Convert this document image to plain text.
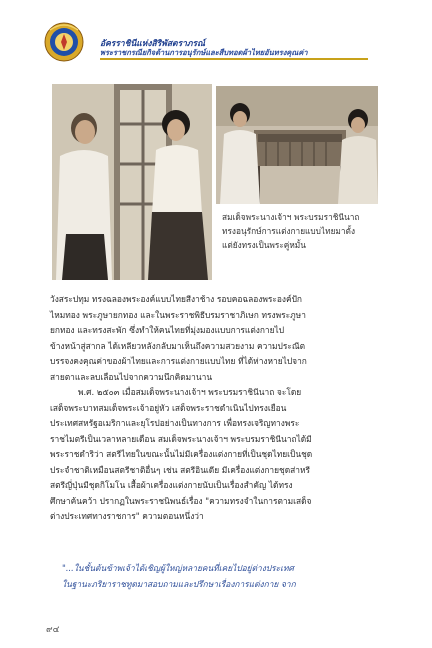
อัครราชินีแห่งสิริพัสตราภรณ์
พระราชกรณียกิจด้านการอนุรักษ์และสืบทอดผ้าไทยอันทรงคุณค่า
สมเด็จพระนางเจ้าฯ พระบรมราชินีนาถ
ทรงอนุรักษ์การแต่งกายแบบไทยมาตั้ง
แต่ยังทรงเป็นพระคู่หมั้น
วังสระปทุม ทรงฉลองพระองค์แบบไทยสีงาช้าง รอบคอฉลองพระองค์ปัก
ไหมทอง พระภูษายกทอง และในพระราชพิธีบรมราชาภิเษก ทรงพระภูษา
ยกทอง และทรงสะพัก ซึ่งทำให้คนไทยที่มุ่งมองแบบการแต่งกายไป
ข้างหน้าสู่สากล ได้เหลียวหลังกลับมาเห็นถึงความสวยงาม ความประณีต
บรรจงคงคุณค่าของผ้าไทยและการแต่งกายแบบไทย ที่ได้ห่างหายไปจาก
สายตาและลบเลือนไปจากความนึกคิดมานาน
พ.ศ. ๒๕๐๓ เมื่อสมเด็จพระนางเจ้าฯ พระบรมราชินีนาถ จะโดย
เสด็จพระบาทสมเด็จพระเจ้าอยู่หัว เสด็จพระราชดำเนินไปทรงเยือน
ประเทศสหรัฐอเมริกาและยุโรปอย่างเป็นทางการ เพื่อทรงเจริญทางพระ
ราชไมตรีเป็นเวลาหลายเดือน สมเด็จพระนางเจ้าฯ พระบรมราชินีนาถได้มี
พระราชดำริว่า สตรีไทยในขณะนั้นไม่มีเครื่องแต่งกายที่เป็นชุดไทยเป็นชุด
ประจำชาติเหมือนสตรีชาติอื่นๆ เช่น สตรีอินเดีย มีเครื่องแต่งกายชุดส่าหรี
สตรีญี่ปุ่นมีชุดกิโมโน เสื้อผ้าเครื่องแต่งกายนับเป็นเรื่องสำคัญ ได้ทรง
ศึกษาค้นคว้า ปรากฏในพระราชนิพนธ์เรื่อง "ความทรงจำในการตามเสด็จ
ต่างประเทศทางราชการ" ความตอนหนึ่งว่า
"...ในชั้นต้นข้าพเจ้าได้เชิญผู้ใหญ่หลายคนที่เคยไปอยู่ต่างประเทศ
ในฐานะภริยาราชทูตมาสอบถามและปรึกษาเรื่องการแต่งกาย จาก
๙๔
